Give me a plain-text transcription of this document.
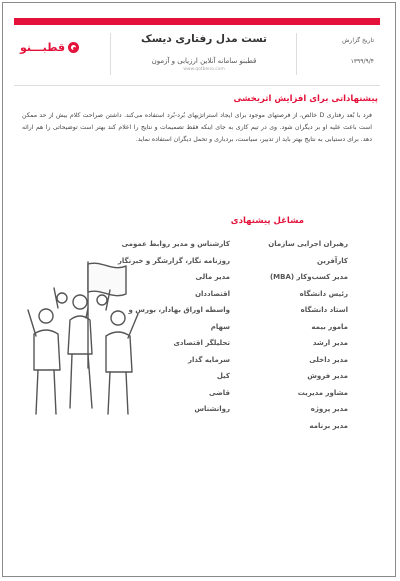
قطبـــنو
تست مدل رفتاری دیسک
قطبنو سامانه آنلاین ارزیابی و آزمون
www.qotbeno.com
تاریخ گزارش
۱۳۹۹/۹/۴
پیشنهاداتی برای افزایش اثربخشی
فرد با بُعد رفتاری D خالص، از فرصتهای موجود برای ایجاد استراتژیهای بُرد-بُرد استفاده می‌کند. داشتن صراحت کلام بیش از حد ممکن است باعث علیه او بر دیگران شود. وی در تیم کاری به جای اینکه فقط تصمیمات و نتایج را اعلام کند بهتر است توضیحاتی را هم ارائه دهد. برای دستیابی به نتایج بهتر باید از تدبیر، سیاست، بردباری و تحمل دیگران استفاده نماید.
مشاغل پیشنهادی
رهبران اجرایی سازمان
کارآفرین
مدیر کسب‌وکار (MBA)
رئیس دانشگاه
استاد دانشگاه
مامور بیمه
مدیر ارشد
مدیر داخلی
مدیر فروش
مشاور مدیریت
مدیر پروژه
مدیر برنامه
کارشناس و مدیر روابط عمومی
روزنامه نگار، گزارشگر و خبرنگار
مدیر مالی
اقتصاددان
واسطه اوراق بهادار، بورس و
سهام
تحلیلگر اقتصادی
سرمایه گذار
کیل
قاضی
روانشناس
